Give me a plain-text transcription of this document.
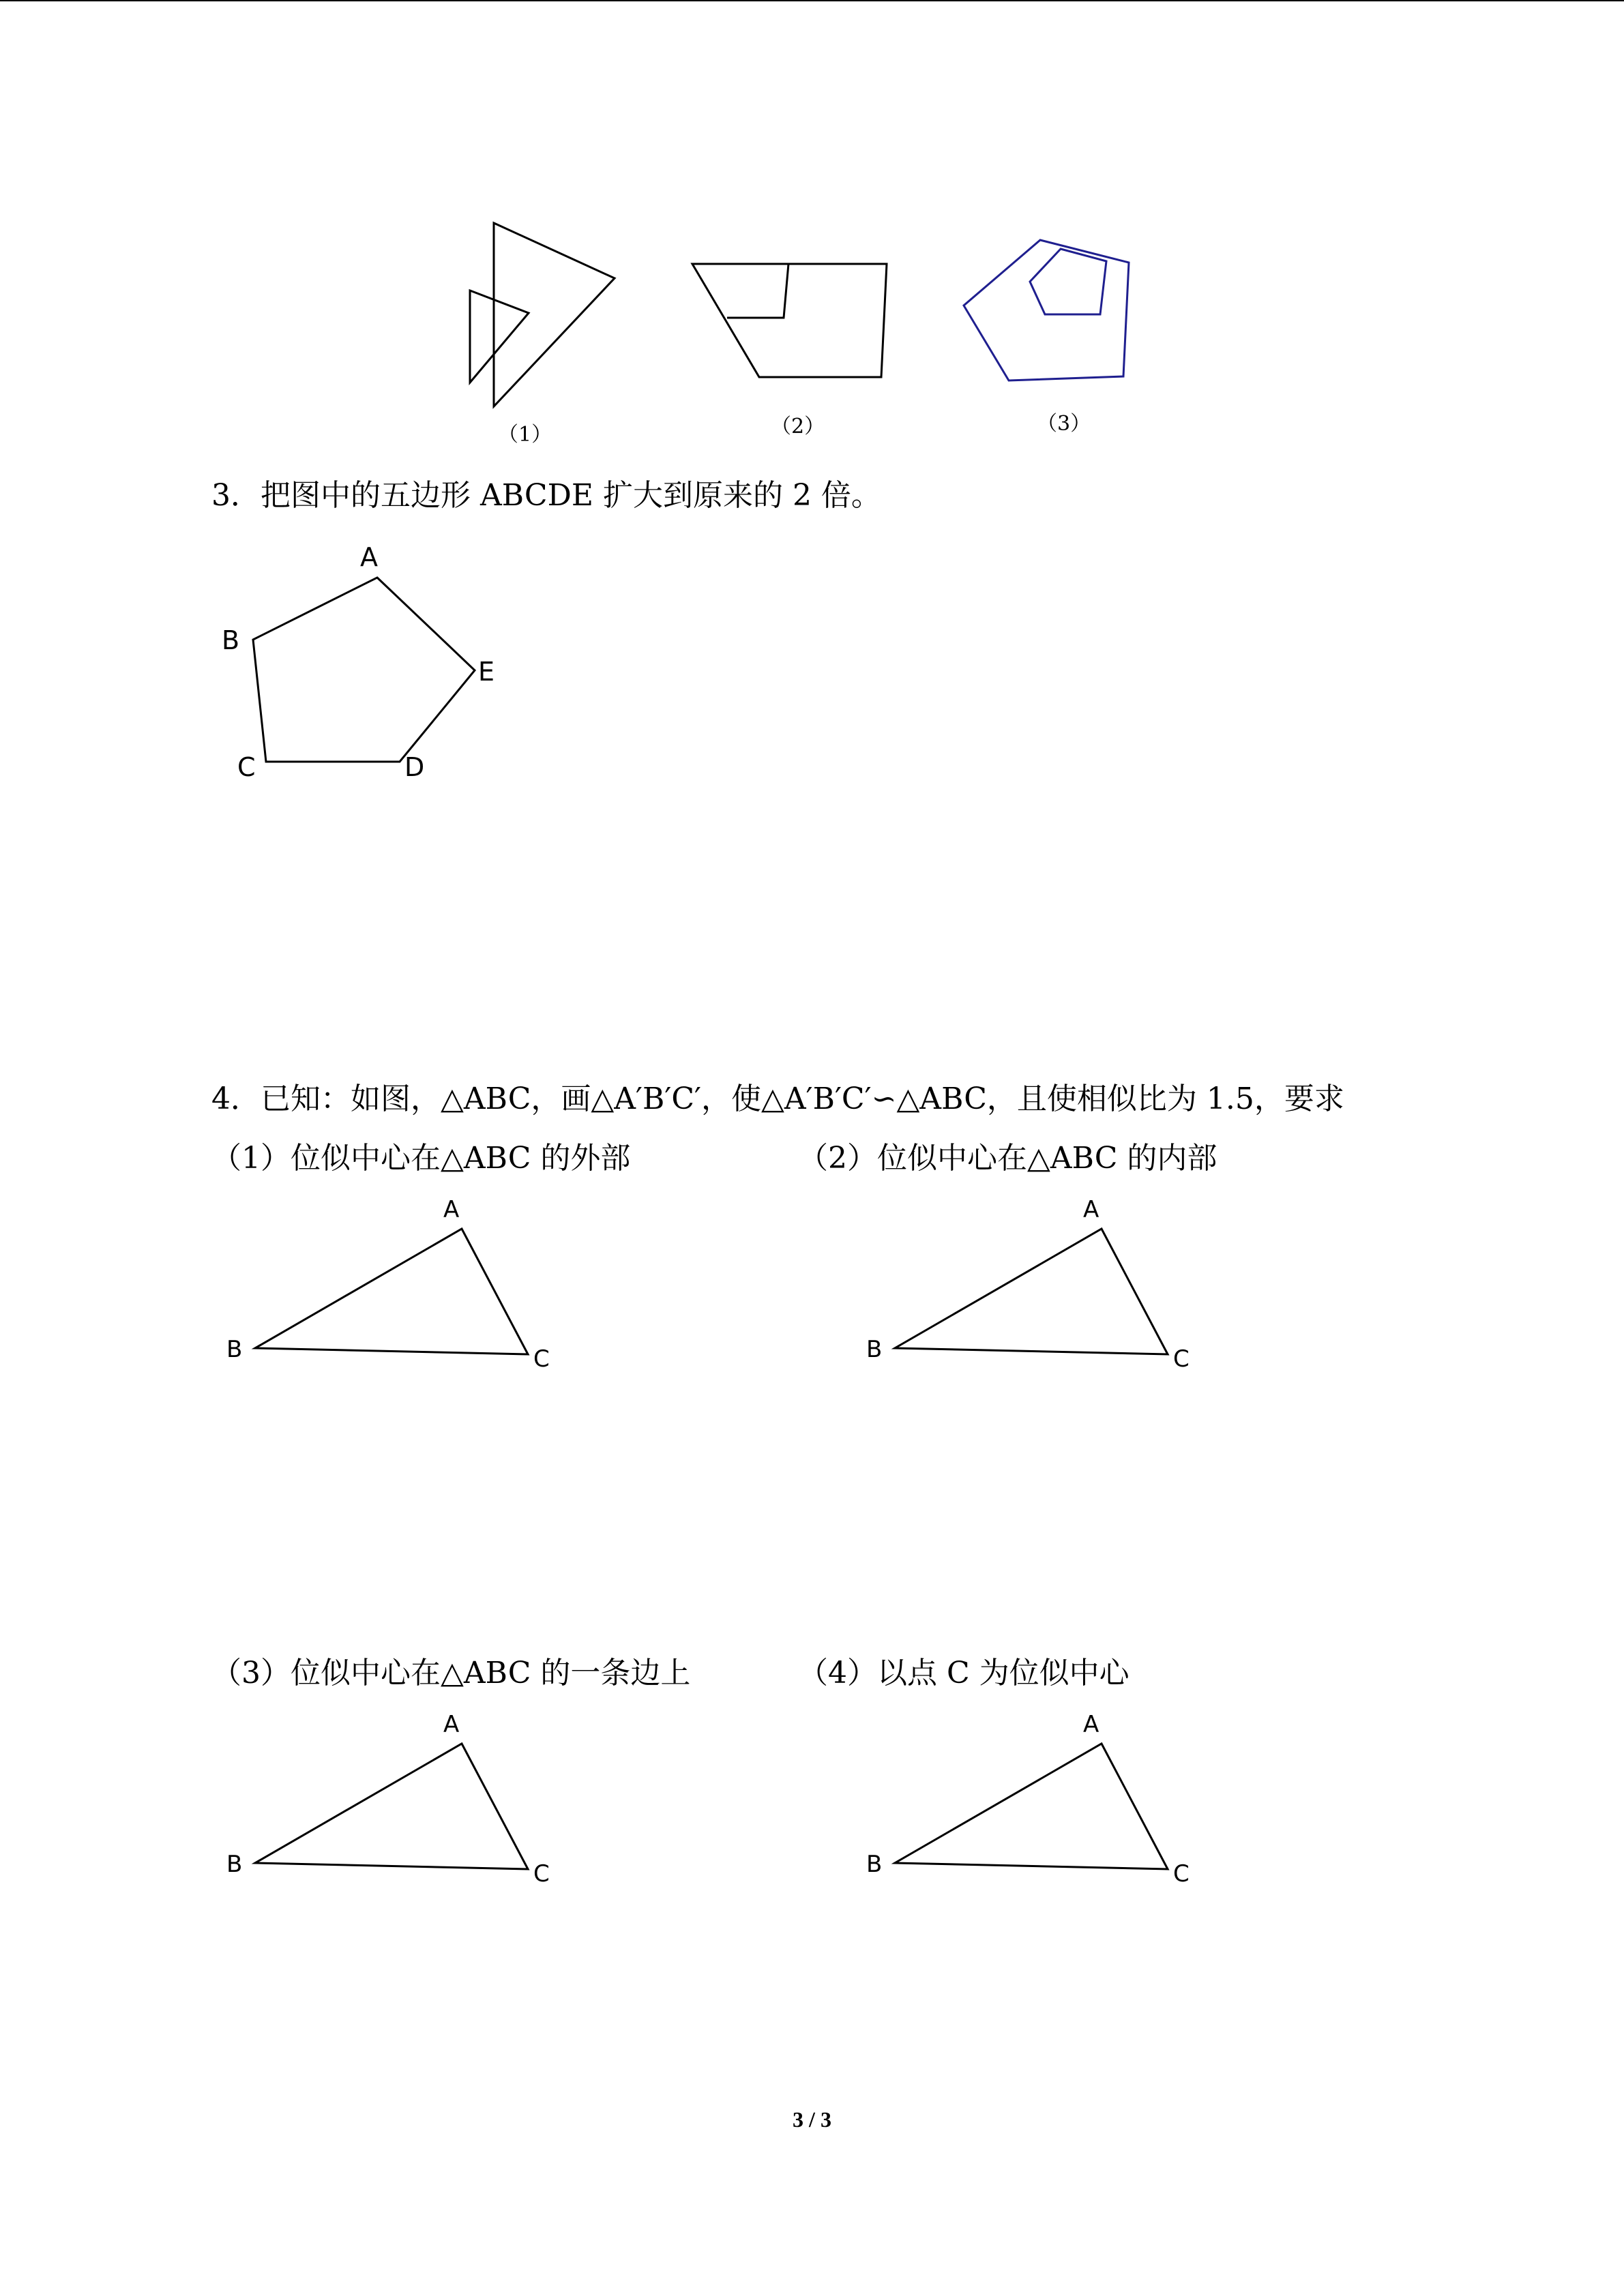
（1）	（2）	（3）
3．把图中的五边形 ABCDE 扩大到原来的 2 倍。
A
B
C	D
E
4．已知：如图，△ABC，画△A′B′C′，使△A′B′C′∽△ABC，且使相似比为 1.5，要求
（1）位似中心在△ABC 的外部	（2）位似中心在△ABC 的内部
A
B	C
A
B	C
（3）位似中心在△ABC 的一条边上	（4）以点 C 为位似中心
A
B	C
A
B	C
3 / 3
